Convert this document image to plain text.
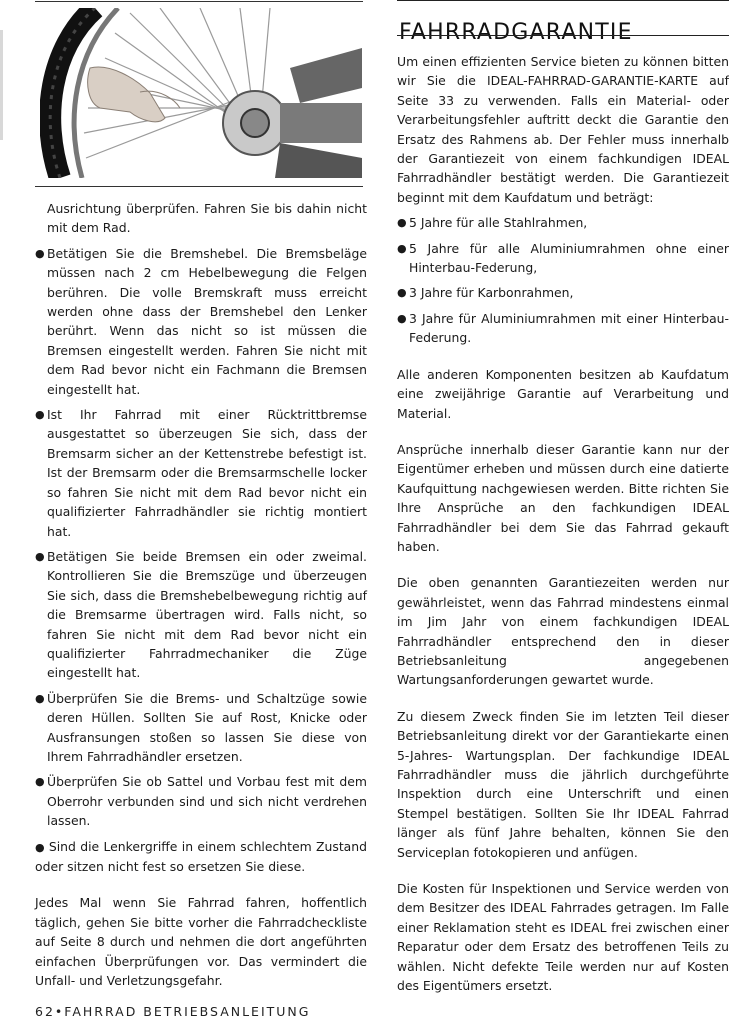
Ausrichtung überprüfen. Fahren Sie bis dahin nicht mit dem Rad.

● Betätigen Sie die Bremshebel. Die Bremsbeläge müssen nach 2 cm Hebelbewegung die Felgen berühren. Die volle Bremskraft muss erreicht werden ohne dass der Bremshebel den Lenker berührt. Wenn das nicht so ist müssen die Bremsen eingestellt werden. Fahren Sie nicht mit dem Rad bevor nicht ein Fachmann die Bremsen eingestellt hat.

● Ist Ihr Fahrrad mit einer Rücktrittbremse ausgestattet so überzeugen Sie sich, dass der Bremsarm sicher an der Kettenstrebe befestigt ist. Ist der Bremsarm oder die Bremsarmschelle locker so fahren Sie nicht mit dem Rad bevor nicht ein qualifizierter Fahrradhändler sie richtig montiert hat.

● Betätigen Sie beide Bremsen ein oder zweimal. Kontrollieren Sie die Bremszüge und überzeugen Sie sich, dass die Bremshebelbewegung richtig auf die Bremsarme übertragen wird. Falls nicht, so fahren Sie nicht mit dem Rad bevor nicht ein qualifizierter Fahrradmechaniker die Züge eingestellt hat.

● Überprüfen Sie die Brems- und Schaltzüge sowie deren Hüllen. Sollten Sie auf Rost, Knicke oder Ausfransungen stoßen so lassen Sie diese von Ihrem Fahrradhändler ersetzen.

● Überprüfen Sie ob Sattel und Vorbau fest mit dem Oberrohr verbunden sind und sich nicht verdrehen lassen.

● Sind die Lenkergriffe in einem schlechtem Zustand oder sitzen nicht fest so ersetzen Sie diese.

Jedes Mal wenn Sie Fahrrad fahren, hoffentlich täglich, gehen Sie bitte vorher die Fahrradcheckliste auf Seite 8 durch und nehmen die dort angeführten einfachen Überprüfungen vor. Das vermindert die Unfall- und Verletzungsgefahr.

FAHRRADGARANTIE

Um einen effizienten Service bieten zu können bitten wir Sie die IDEAL-FAHRRAD-GARANTIE-KARTE auf Seite 33 zu verwenden. Falls ein Material- oder Verarbeitungsfehler auftritt deckt die Garantie den Ersatz des Rahmens ab. Der Fehler muss innerhalb der Garantiezeit von einem fachkundigen IDEAL Fahrradhändler bestätigt werden. Die Garantiezeit beginnt mit dem Kaufdatum und beträgt:

● 5 Jahre für alle Stahlrahmen,

● 5 Jahre für alle Aluminiumrahmen ohne einer Hinterbau-Federung,

● 3 Jahre für Karbonrahmen,

● 3 Jahre für Aluminiumrahmen mit einer Hinterbau-Federung.

Alle anderen Komponenten besitzen ab Kaufdatum eine zweijährige Garantie auf Verarbeitung und Material.

Ansprüche innerhalb dieser Garantie kann nur der Eigentümer erheben und müssen durch eine datierte Kaufquittung nachgewiesen werden. Bitte richten Sie Ihre Ansprüche an den fachkundigen IDEAL Fahrradhändler bei dem Sie das Fahrrad gekauft haben.

Die oben genannten Garantiezeiten werden nur gewährleistet, wenn das Fahrrad mindestens einmal im Jim Jahr von einem fachkundigen IDEAL Fahrradhändler entsprechend den in dieser Betriebsanleitung angegebenen Wartungsanforderungen gewartet wurde.

Zu diesem Zweck finden Sie im letzten Teil dieser Betriebsanleitung direkt vor der Garantiekarte einen 5-Jahres- Wartungsplan. Der fachkundige IDEAL Fahrradhändler muss die jährlich durchgeführte Inspektion durch eine Unterschrift und einen Stempel bestätigen. Sollten Sie Ihr IDEAL Fahrrad länger als fünf Jahre behalten, können Sie den Serviceplan fotokopieren und anfügen.

Die Kosten für Inspektionen und Service werden von dem Besitzer des IDEAL Fahrrades getragen. Im Falle einer Reklamation steht es IDEAL frei zwischen einer Reparatur oder dem Ersatz des betroffenen Teils zu wählen. Nicht defekte Teile werden nur auf Kosten des Eigentümers ersetzt.

62•FAHRRAD BETRIEBSANLEITUNG
